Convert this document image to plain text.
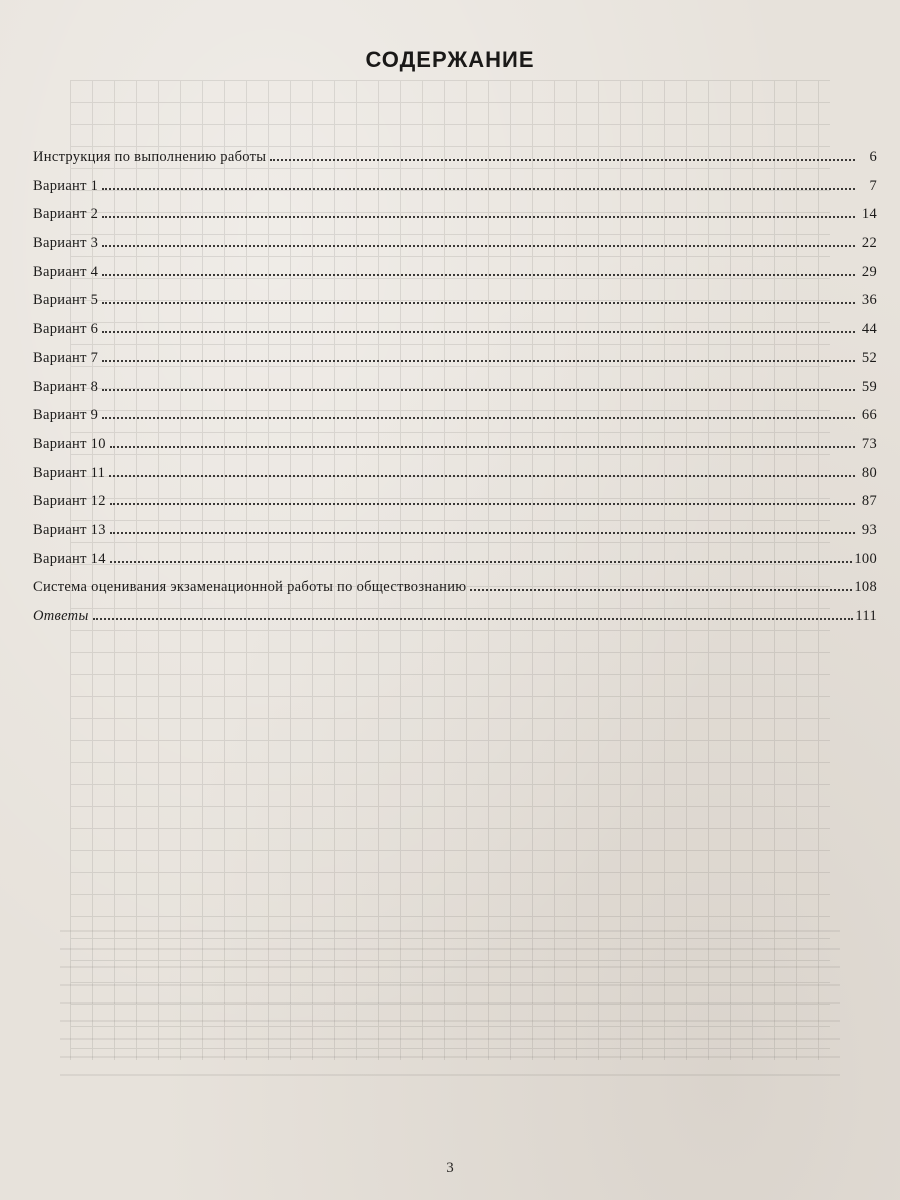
СОДЕРЖАНИЕ
Инструкция по выполнению работы	6
Вариант 1	7
Вариант 2	14
Вариант 3	22
Вариант 4	29
Вариант 5	36
Вариант 6	44
Вариант 7	52
Вариант 8	59
Вариант 9	66
Вариант 10	73
Вариант 11	80
Вариант 12	87
Вариант 13	93
Вариант 14	100
Система оценивания экзаменационной работы по обществознанию	108
Ответы	111
3
